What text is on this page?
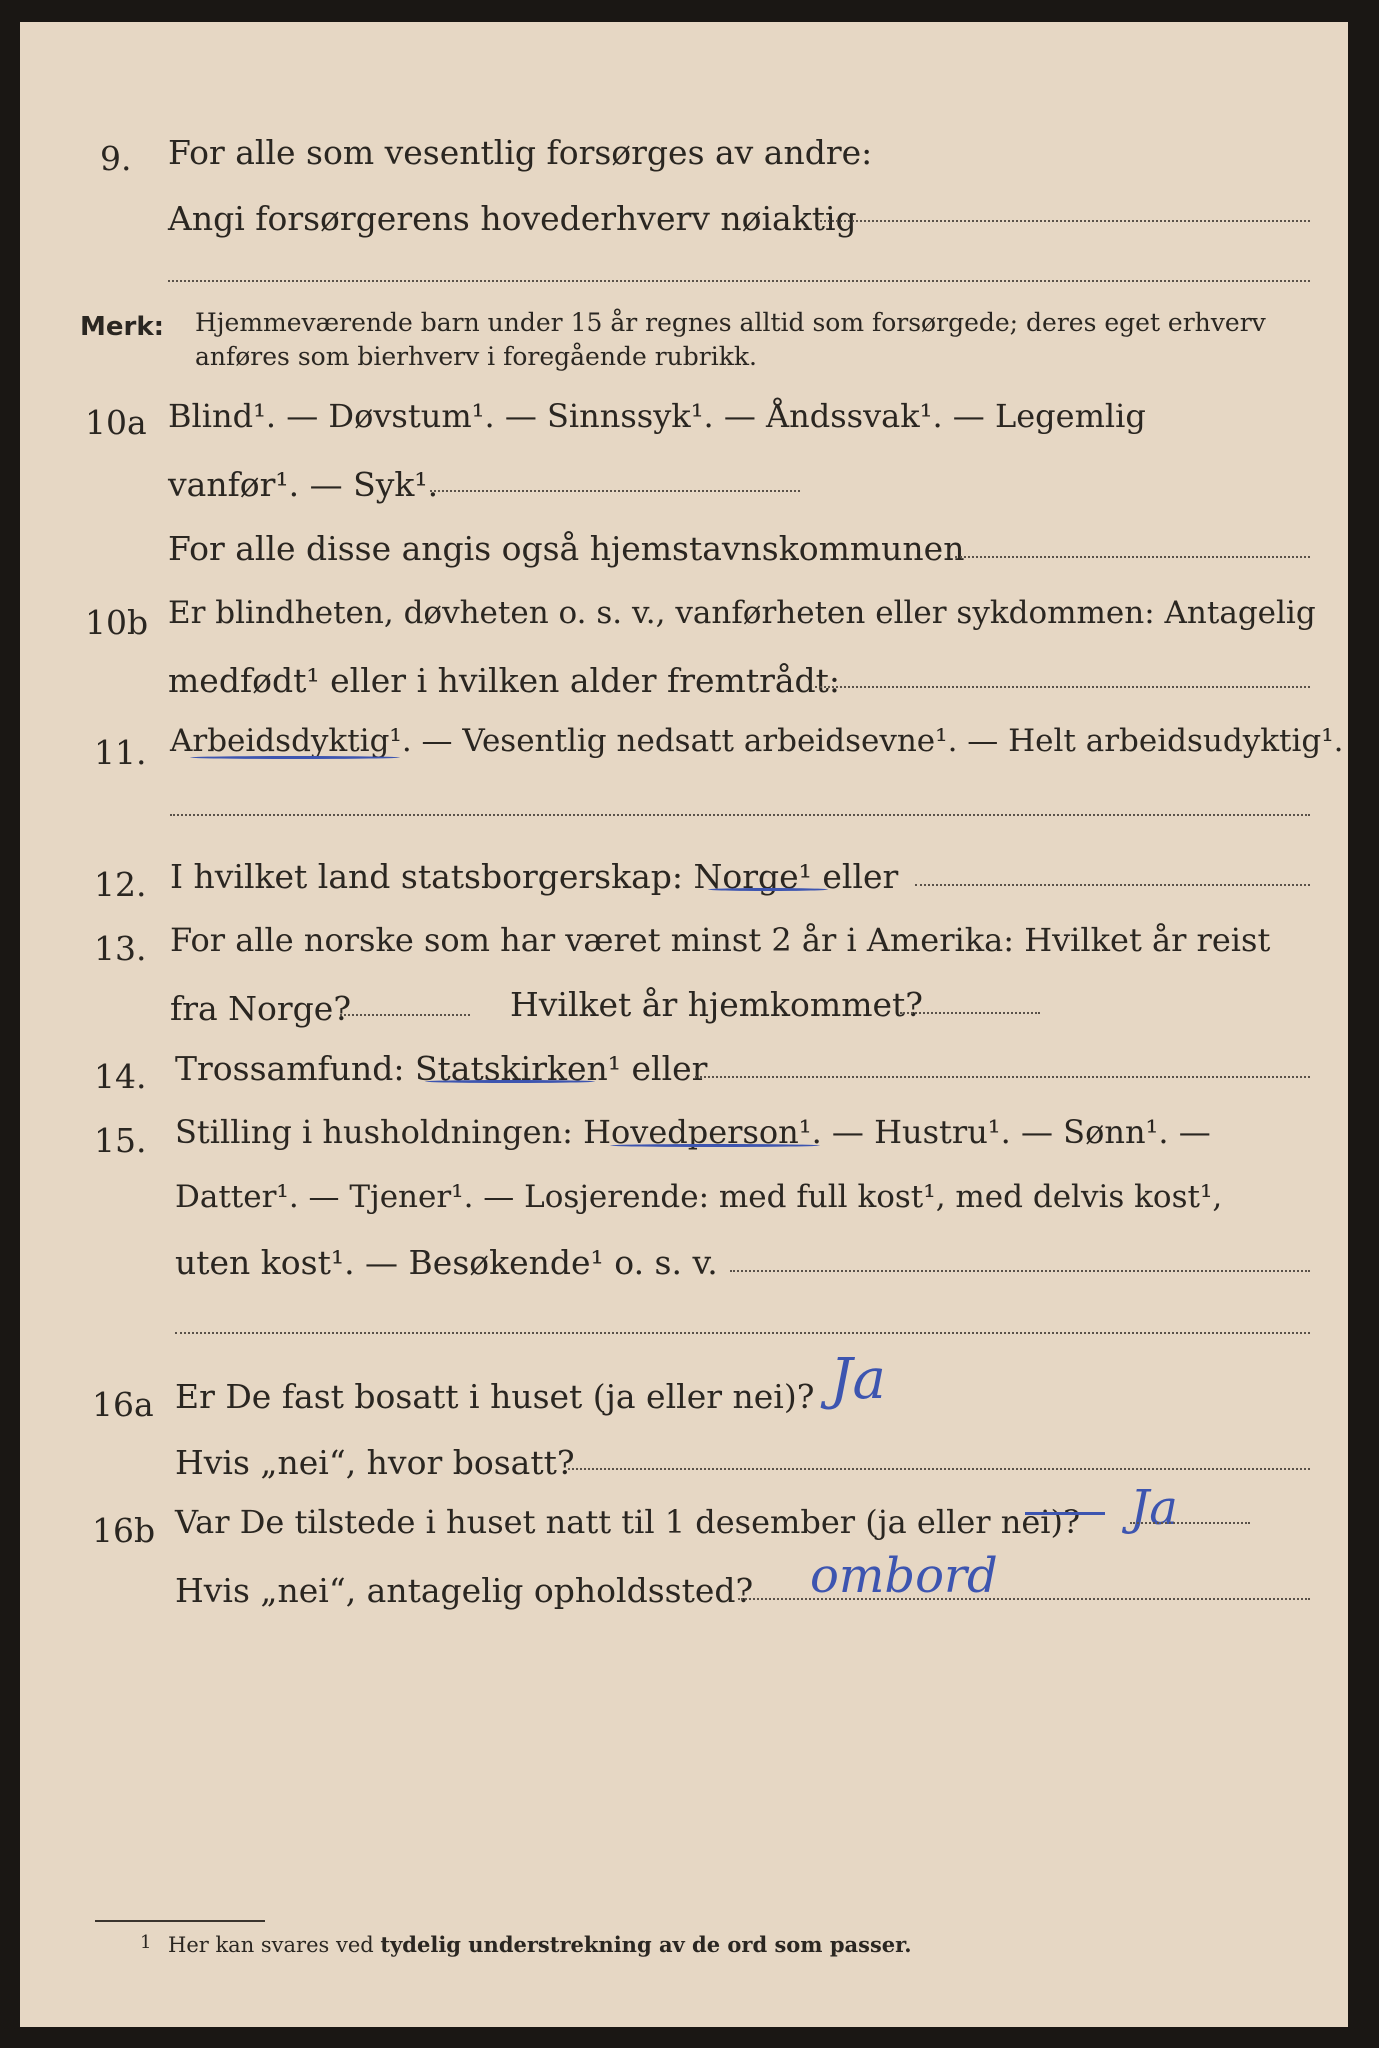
9. For alle som vesentlig forsørges av andre:
Angi forsørgerens hovederhverv nøiaktig
Merk: Hjemmeværende barn under 15 år regnes alltid som forsørgede; deres eget erhverv
anføres som bierhverv i foregående rubrikk.
10a Blind¹. — Døvstum¹. — Sinnssyk¹. — Åndssvak¹. — Legemlig
vanfør¹. — Syk¹.
For alle disse angis også hjemstavnskommunen
10b Er blindheten, døvheten o. s. v., vanførheten eller sykdommen: Antagelig
medfødt¹ eller i hvilken alder fremtrådt:
11. Arbeidsdyktig¹. — Vesentlig nedsatt arbeidsevne¹. — Helt arbeidsudyktig¹.
12. I hvilket land statsborgerskap: Norge¹ eller
13. For alle norske som har været minst 2 år i Amerika: Hvilket år reist
fra Norge?	Hvilket år hjemkommet?
14. Trossamfund: Statskirken¹ eller
15. Stilling i husholdningen: Hovedperson¹. — Hustru¹. — Sønn¹. —
Datter¹. — Tjener¹. — Losjerende: med full kost¹, med delvis kost¹,
uten kost¹. — Besøkende¹ o. s. v.
16a Er De fast bosatt i huset (ja eller nei)? Ja
Hvis „nei“, hvor bosatt?
16b Var De tilstede i huset natt til 1 desember (ja eller nei)? Ja
Hvis „nei“, antagelig opholdssted? ombord
1 Her kan svares ved tydelig understrekning av de ord som passer.
